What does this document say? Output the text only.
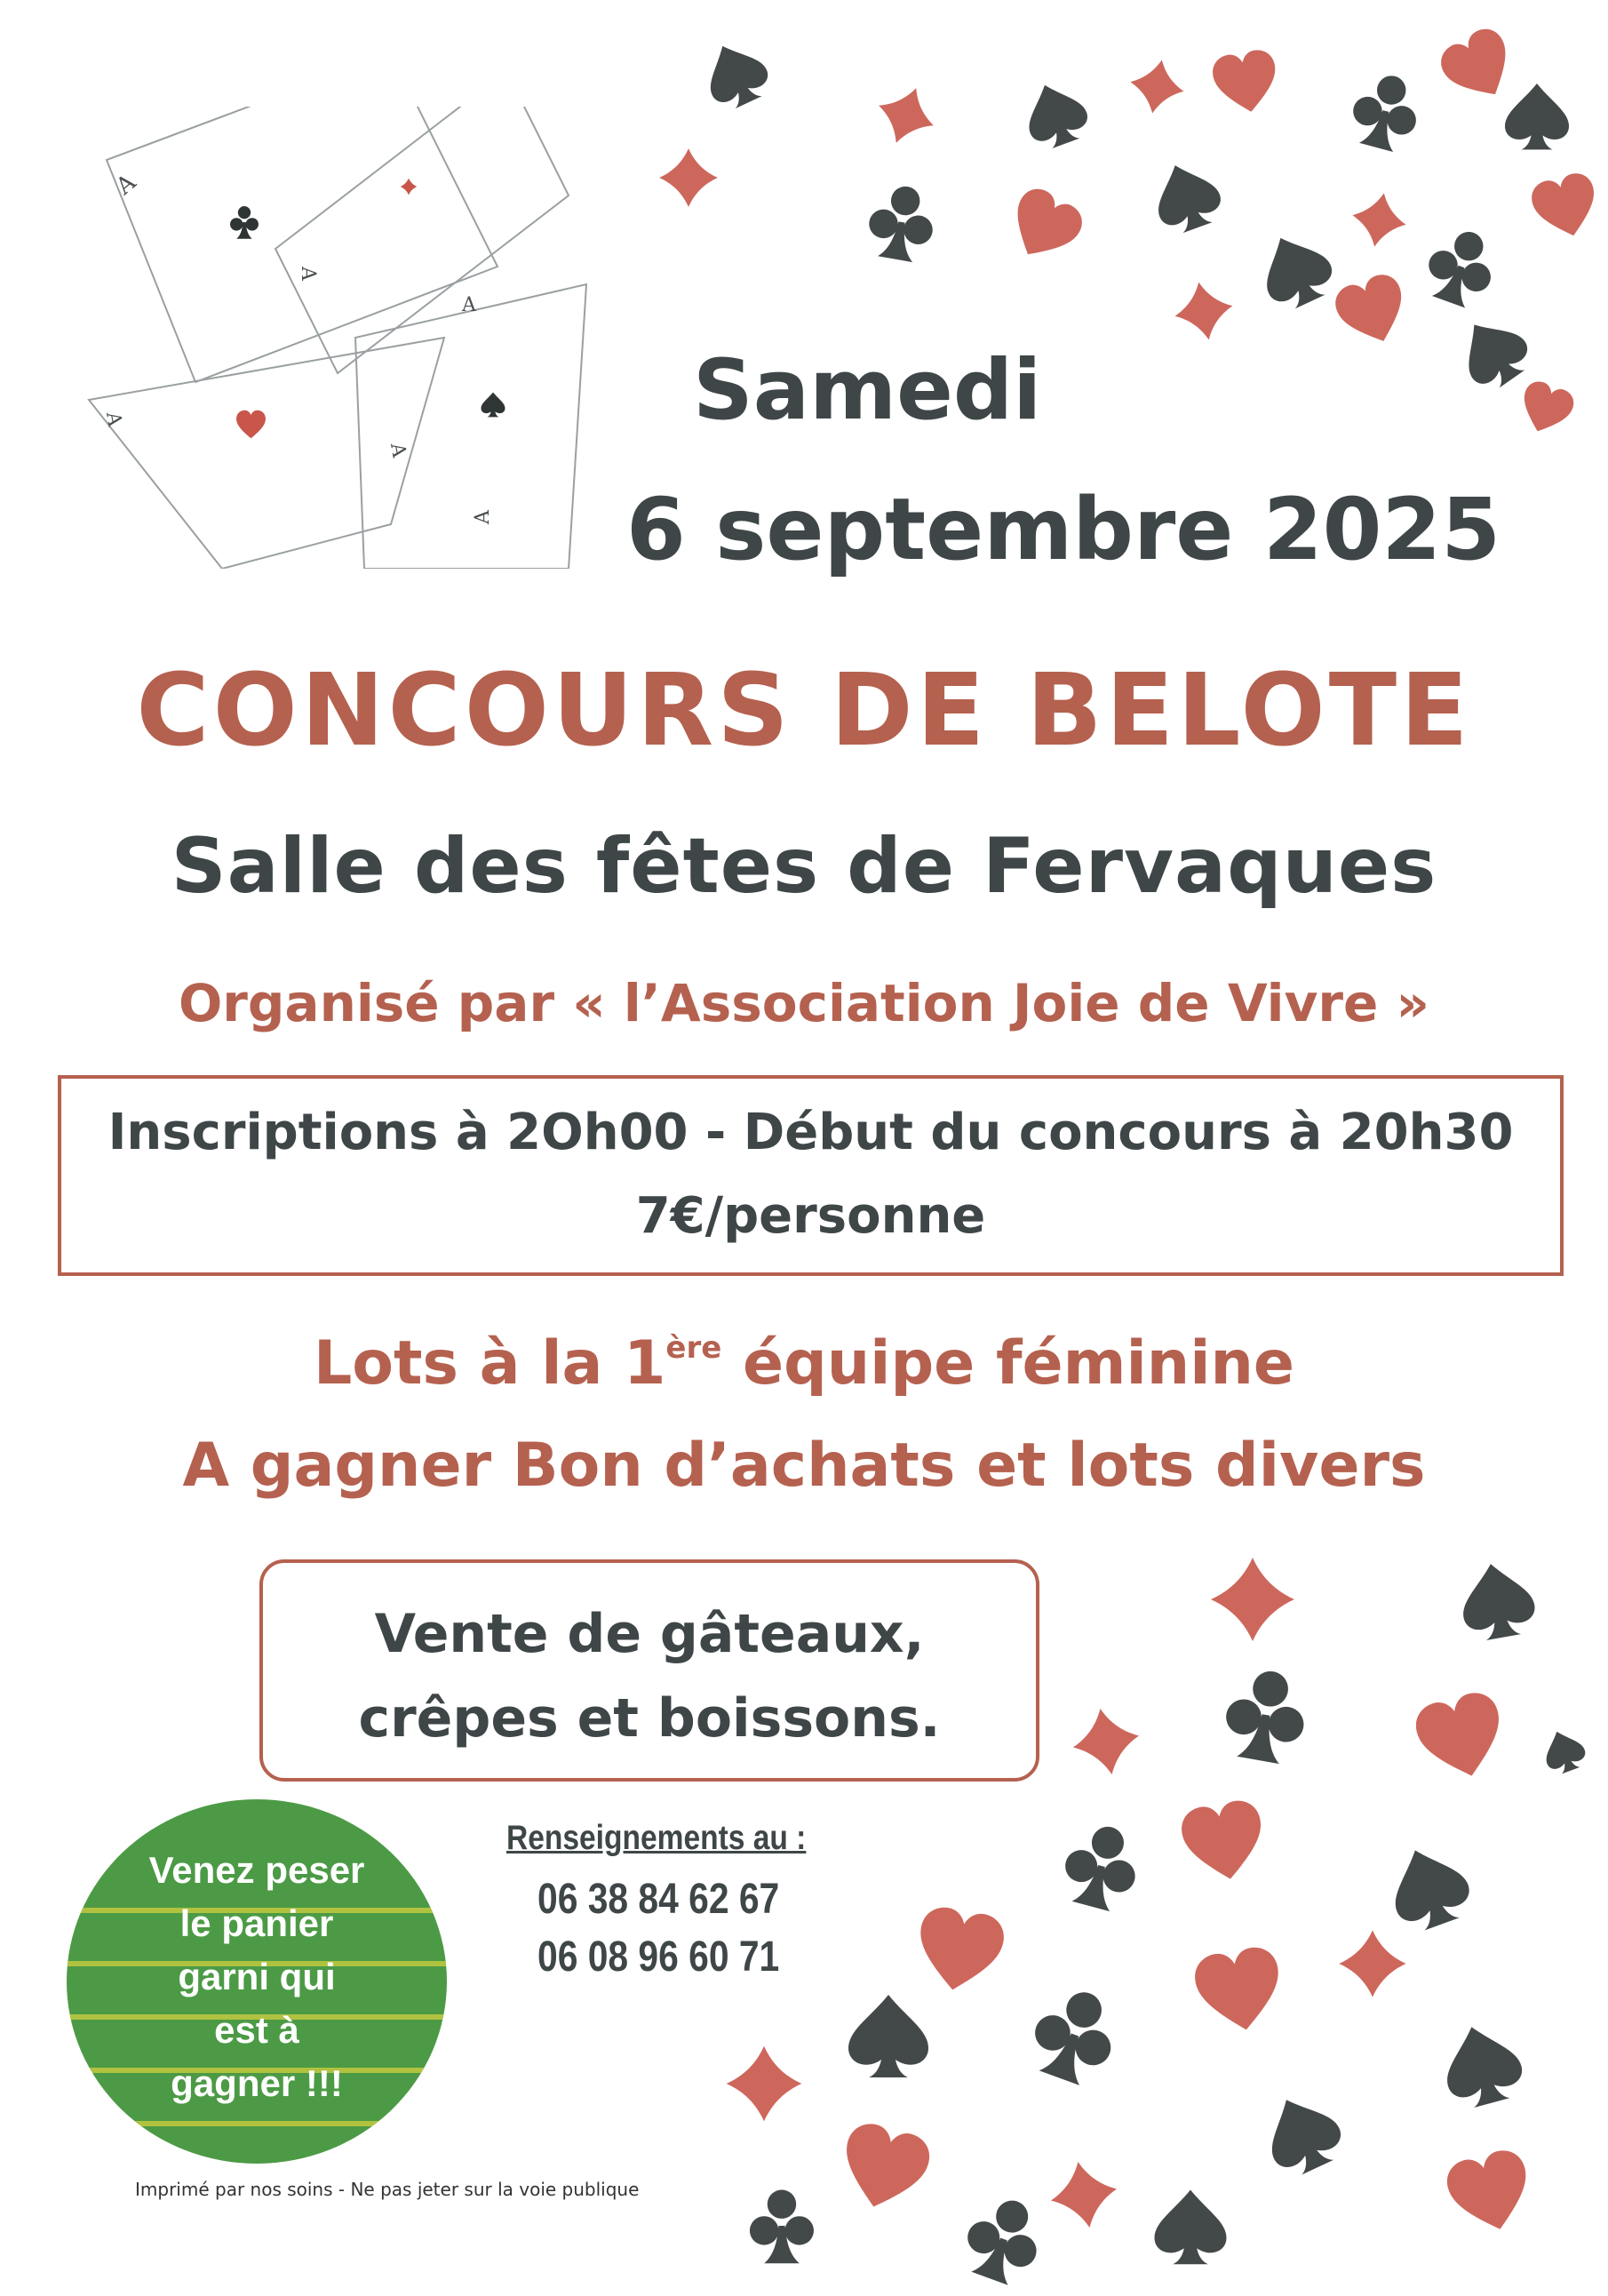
A
A
A
A
A
A
Samedi
6 septembre 2025
CONCOURS DE BELOTE
Salle des fêtes de Fervaques
Organisé par « l’Association Joie de Vivre »
Inscriptions à 2Oh00 - Début du concours à 20h30
7€/personne
Lots à la 1ère équipe féminine
A gagner Bon d’achats et lots divers
Vente de gâteaux,
crêpes et boissons.
Venez peser
le panier
garni qui
est à
gagner !!!
Renseignements au :
06 38 84 62 67
06 08 96 60 71
Imprimé par nos soins - Ne pas jeter sur la voie publique
